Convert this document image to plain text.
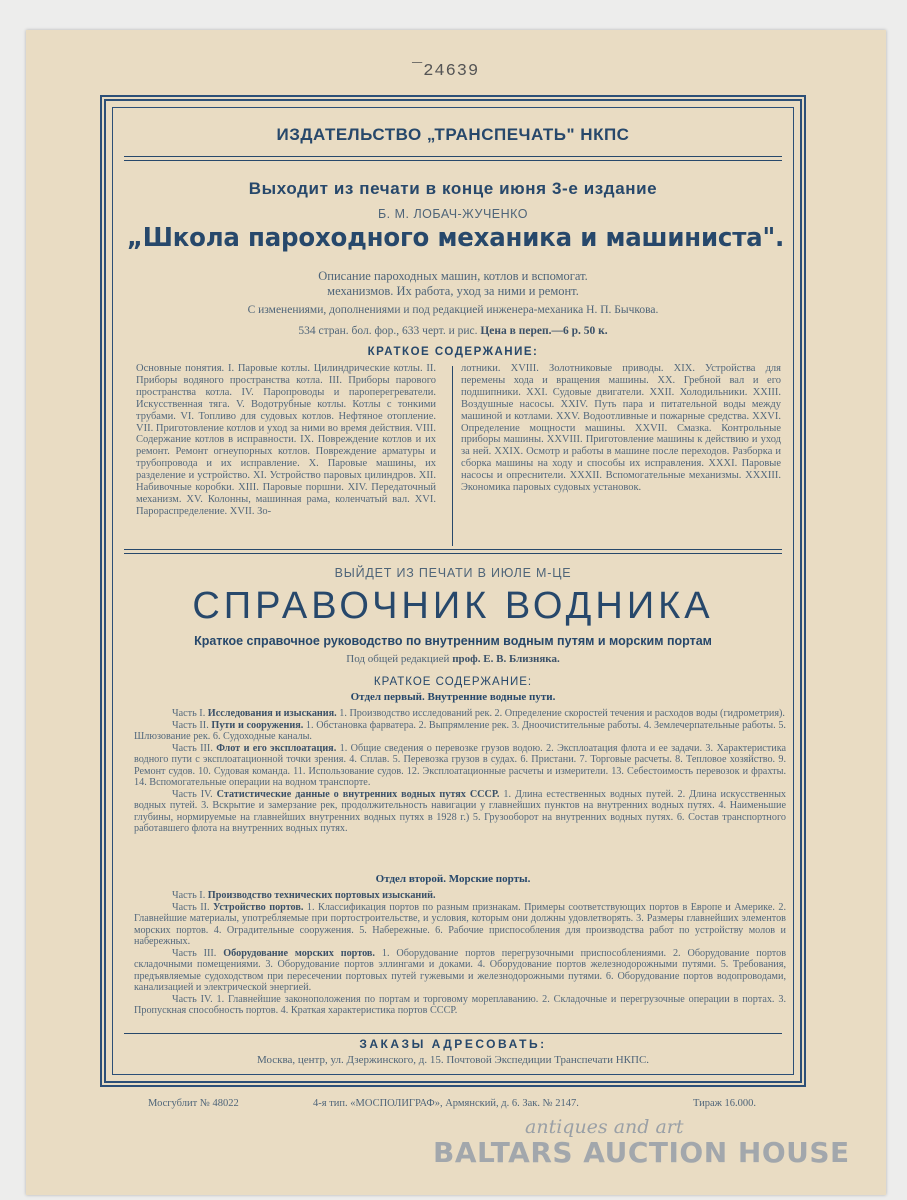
‾24639
ИЗДАТЕЛЬСТВО „ТРАНСПЕЧАТЬ" НКПС
Выходит из печати в конце июня 3-е издание
Б. М. ЛОБАЧ-ЖУЧЕНКО
„Школа пароходного механика и машиниста".
Описание пароходных машин, котлов и вспомогат.
механизмов. Их работа, уход за ними и ремонт.
С изменениями, дополнениями и под редакцией инженера-механика Н. П. Бычкова.
534 стран. бол. фор., 633 черт. и рис. Цена в переп.—6 р. 50 к.
КРАТКОЕ СОДЕРЖАНИЕ:
Основные понятия. I. Паровые котлы. Цилиндрические котлы. II. Приборы водяного пространства котла. III. Приборы парового пространства котла. IV. Паропроводы и пароперегреватели. Искусственная тяга. V. Водотрубные котлы. Котлы с тонкими трубами. VI. Топливо для судовых котлов. Нефтяное отопление. VII. Приготовление котлов и уход за ними во время действия. VIII. Содержание котлов в исправности. IX. Повреждение котлов и их ремонт. Ремонт огнеупорных котлов. Повреждение арматуры и трубопровода и их исправление. X. Паровые машины, их разделение и устройство. XI. Устройство паровых цилиндров. XII. Набивочные коробки. XIII. Паровые поршни. XIV. Передаточный механизм. XV. Колонны, машинная рама, коленчатый вал. XVI. Парораспределение. XVII. Зо-
лотники. XVIII. Золотниковые приводы. XIX. Устройства для перемены хода и вращения машины. XX. Гребной вал и его подшипники. XXI. Судовые двигатели. XXII. Холодильники. XXIII. Воздушные насосы. XXIV. Путь пара и питательной воды между машиной и котлами. XXV. Водоотливные и пожарные средства. XXVI. Определение мощности машины. XXVII. Смазка. Контрольные приборы машины. XXVIII. Приготовление машины к действию и уход за ней. XXIX. Осмотр и работы в машине после переходов. Разборка и сборка машины на ходу и способы их исправления. XXXI. Паровые насосы и опреснители. XXXII. Вспомогательные механизмы. XXXIII. Экономика паровых судовых установок.
ВЫЙДЕТ ИЗ ПЕЧАТИ В ИЮЛЕ М-ЦЕ
СПРАВОЧНИК ВОДНИКА
Краткое справочное руководство по внутренним водным путям и морским портам
Под общей редакцией проф. Е. В. Близняка.
КРАТКОЕ СОДЕРЖАНИЕ:
Отдел первый. Внутренние водные пути.

Часть I. Исследования и изыскания. 1. Производство исследований рек. 2. Определение скоростей течения и расходов воды (гидрометрия).

Часть II. Пути и сооружения. 1. Обстановка фарватера. 2. Выпрямление рек. 3. Дноочистительные работы. 4. Землечерпательные работы. 5. Шлюзование рек. 6. Судоходные каналы.

Часть III. Флот и его эксплоатация. 1. Общие сведения о перевозке грузов водою. 2. Эксплоатация флота и ее задачи. 3. Характеристика водного пути с эксплоатационной точки зрения. 4. Сплав. 5. Перевозка грузов в судах. 6. Пристани. 7. Торговые расчеты. 8. Тепловое хозяйство. 9. Ремонт судов. 10. Судовая команда. 11. Использование судов. 12. Эксплоатационные расчеты и измерители. 13. Себестоимость перевозок и фрахты. 14. Вспомогательные операции на водном транспорте.

Часть IV. Статистические данные о внутренних водных путях СССР. 1. Длина естественных водных путей. 2. Длина искусственных водных путей. 3. Вскрытие и замерзание рек, продолжительность навигации у главнейших пунктов на внутренних водных путях. 4. Наименьшие глубины, нормируемые на главнейших внутренних водных путях в 1928 г.) 5. Грузооборот на внутренних водных путях. 6. Состав транспортного работавшего флота на внутренних водных путях.

Отдел второй. Морские порты.

Часть I. Производство технических портовых изысканий.

Часть II. Устройство портов. 1. Классификация портов по разным признакам. Примеры соответствующих портов в Европе и Америке. 2. Главнейшие материалы, употребляемые при портостроительстве, и условия, которым они должны удовлетворять. 3. Размеры главнейших элементов морских портов. 4. Оградительные сооружения. 5. Набережные. 6. Рабочие приспособления для производства работ по устройству молов и набережных.

Часть III. Оборудование морских портов. 1. Оборудование портов перегрузочными приспособлениями. 2. Оборудование портов складочными помещениями. 3. Оборудование портов эллингами и доками. 4. Оборудование портов железнодорожными путями. 5. Требования, предъявляемые судоходством при пересечении портовых путей гужевыми и железнодорожными путями. 6. Оборудование портов водопроводами, канализацией и электрической энергией.

Часть IV. 1. Главнейшие законоположения по портам и торговому мореплаванию. 2. Складочные и перегрузочные операции в портах. 3. Пропускная способность портов. 4. Краткая характеристика портов СССР.

ЗАКАЗЫ АДРЕСОВАТЬ:
Москва, центр, ул. Дзержинского, д. 15. Почтовой Экспедиции Транспечати НКПС.
Мосгублит № 48022	4-я тип. «МОСПОЛИГРАФ», Армянский, д. 6. Зак. № 2147.	Тираж 16.000.
antiques and art
BALTARS AUCTION HOUSE
